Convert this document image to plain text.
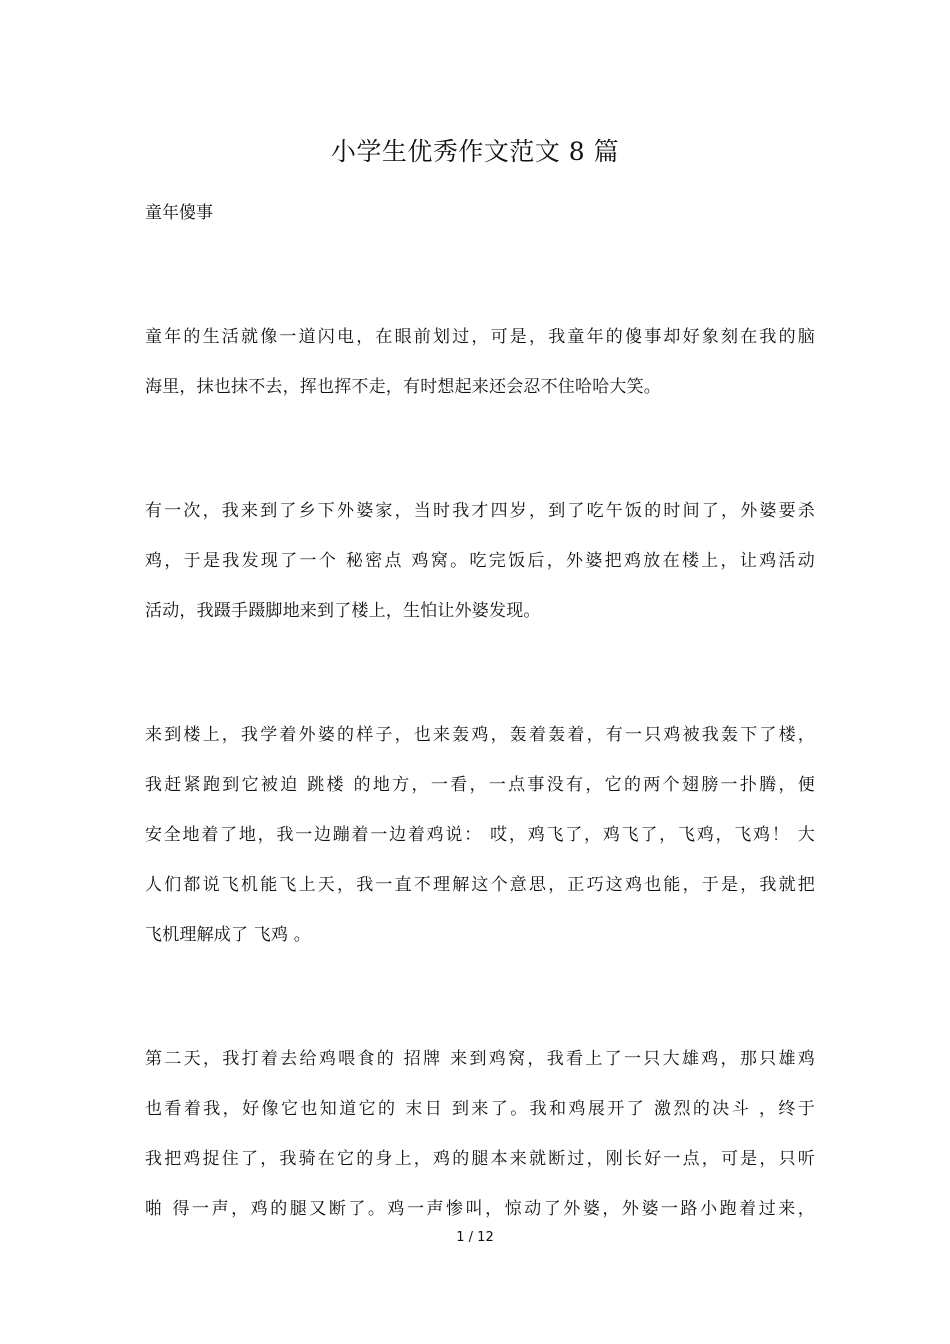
小学生优秀作文范文 8 篇
童年傻事
童年的生活就像一道闪电，在眼前划过，可是，我童年的傻事却好象刻在我的脑
海里，抹也抹不去，挥也挥不走，有时想起来还会忍不住哈哈大笑。
有一次，我来到了乡下外婆家，当时我才四岁，到了吃午饭的时间了，外婆要杀
鸡，于是我发现了一个 秘密点 鸡窝。吃完饭后，外婆把鸡放在楼上，让鸡活动
活动，我蹑手蹑脚地来到了楼上，生怕让外婆发现。
来到楼上，我学着外婆的样子，也来轰鸡，轰着轰着，有一只鸡被我轰下了楼，
我赶紧跑到它被迫 跳楼 的地方，一看，一点事没有，它的两个翅膀一扑腾，便
安全地着了地，我一边蹦着一边着鸡说： 哎，鸡飞了，鸡飞了，飞鸡，飞鸡！ 大
人们都说飞机能飞上天，我一直不理解这个意思，正巧这鸡也能，于是，我就把
飞机理解成了 飞鸡 。
第二天，我打着去给鸡喂食的 招牌 来到鸡窝，我看上了一只大雄鸡，那只雄鸡
也看着我，好像它也知道它的 末日 到来了。我和鸡展开了 激烈的决斗 ，终于
我把鸡捉住了，我骑在它的身上，鸡的腿本来就断过，刚长好一点，可是，只听
啪 得一声，鸡的腿又断了。鸡一声惨叫，惊动了外婆，外婆一路小跑着过来，
1 / 12
